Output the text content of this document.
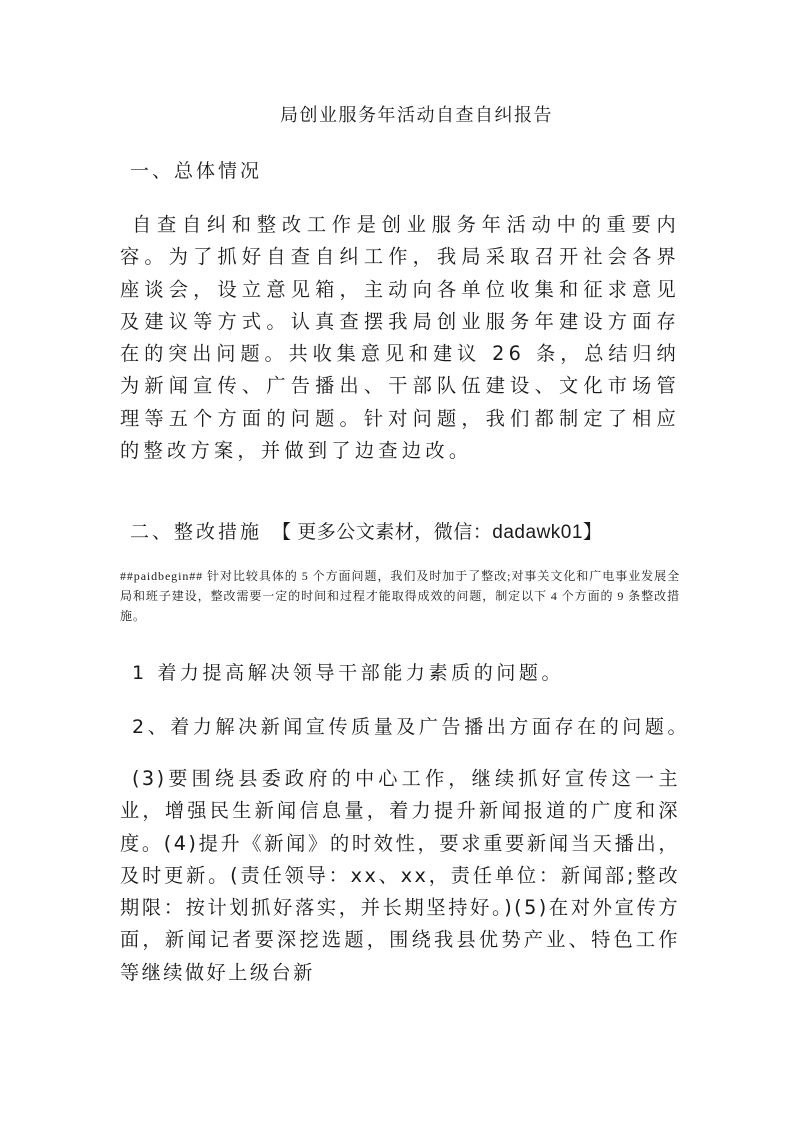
局创业服务年活动自查自纠报告
一、总体情况
自查自纠和整改工作是创业服务年活动中的重要内容。为了抓好自查自纠工作，我局采取召开社会各界座谈会，设立意见箱，主动向各单位收集和征求意见及建议等方式。认真查摆我局创业服务年建设方面存在的突出问题。共收集意见和建议 26 条，总结归纳为新闻宣传、广告播出、干部队伍建设、文化市场管理等五个方面的问题。针对问题，我们都制定了相应的整改方案，并做到了边查边改。
二、整改措施 【 更多公文素材，微信：dadawk01】
##paidbegin## 针对比较具体的 5 个方面问题，我们及时加于了整改;对事关文化和广电事业发展全局和班子建设，整改需要一定的时间和过程才能取得成效的问题，制定以下 4 个方面的 9 条整改措施。
1 着力提高解决领导干部能力素质的问题。
2、着力解决新闻宣传质量及广告播出方面存在的问题。
(3)要围绕县委政府的中心工作，继续抓好宣传这一主业，增强民生新闻信息量，着力提升新闻报道的广度和深度。(4)提升《新闻》的时效性，要求重要新闻当天播出，及时更新。(责任领导：xx、xx，责任单位：新闻部;整改期限：按计划抓好落实，并长期坚持好。)(5)在对外宣传方面，新闻记者要深挖选题，围绕我县优势产业、特色工作等继续做好上级台新
